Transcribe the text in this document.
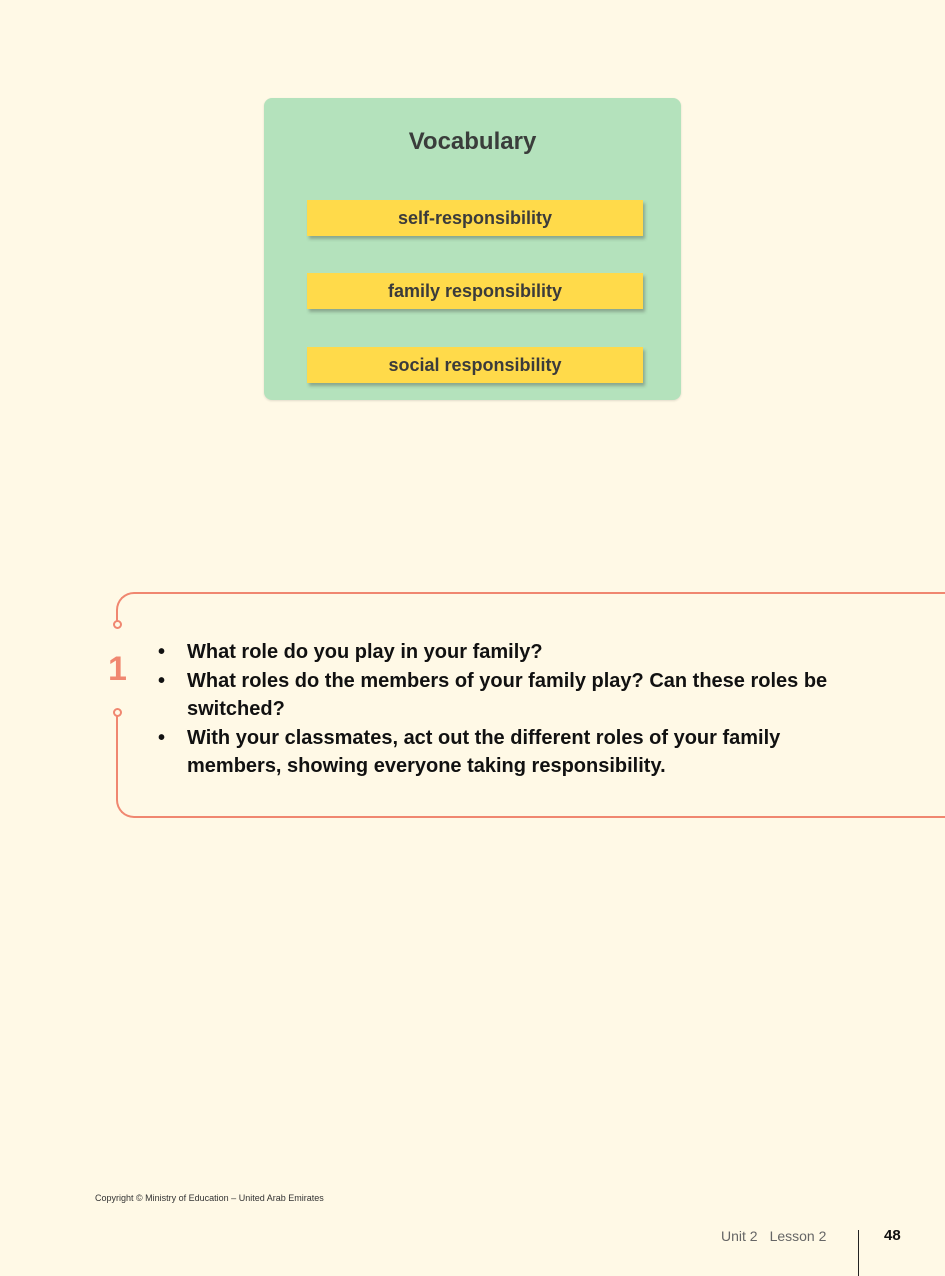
Vocabulary
self-responsibility
family responsibility
social responsibility
1
•	What role do you play in your family?
• What roles do the members of your family play? Can these roles be switched?
• With your classmates, act out the different roles of your family members, showing everyone taking responsibility.
Copyright © Ministry of Education – United Arab Emirates
Unit 2 Lesson 2	48
